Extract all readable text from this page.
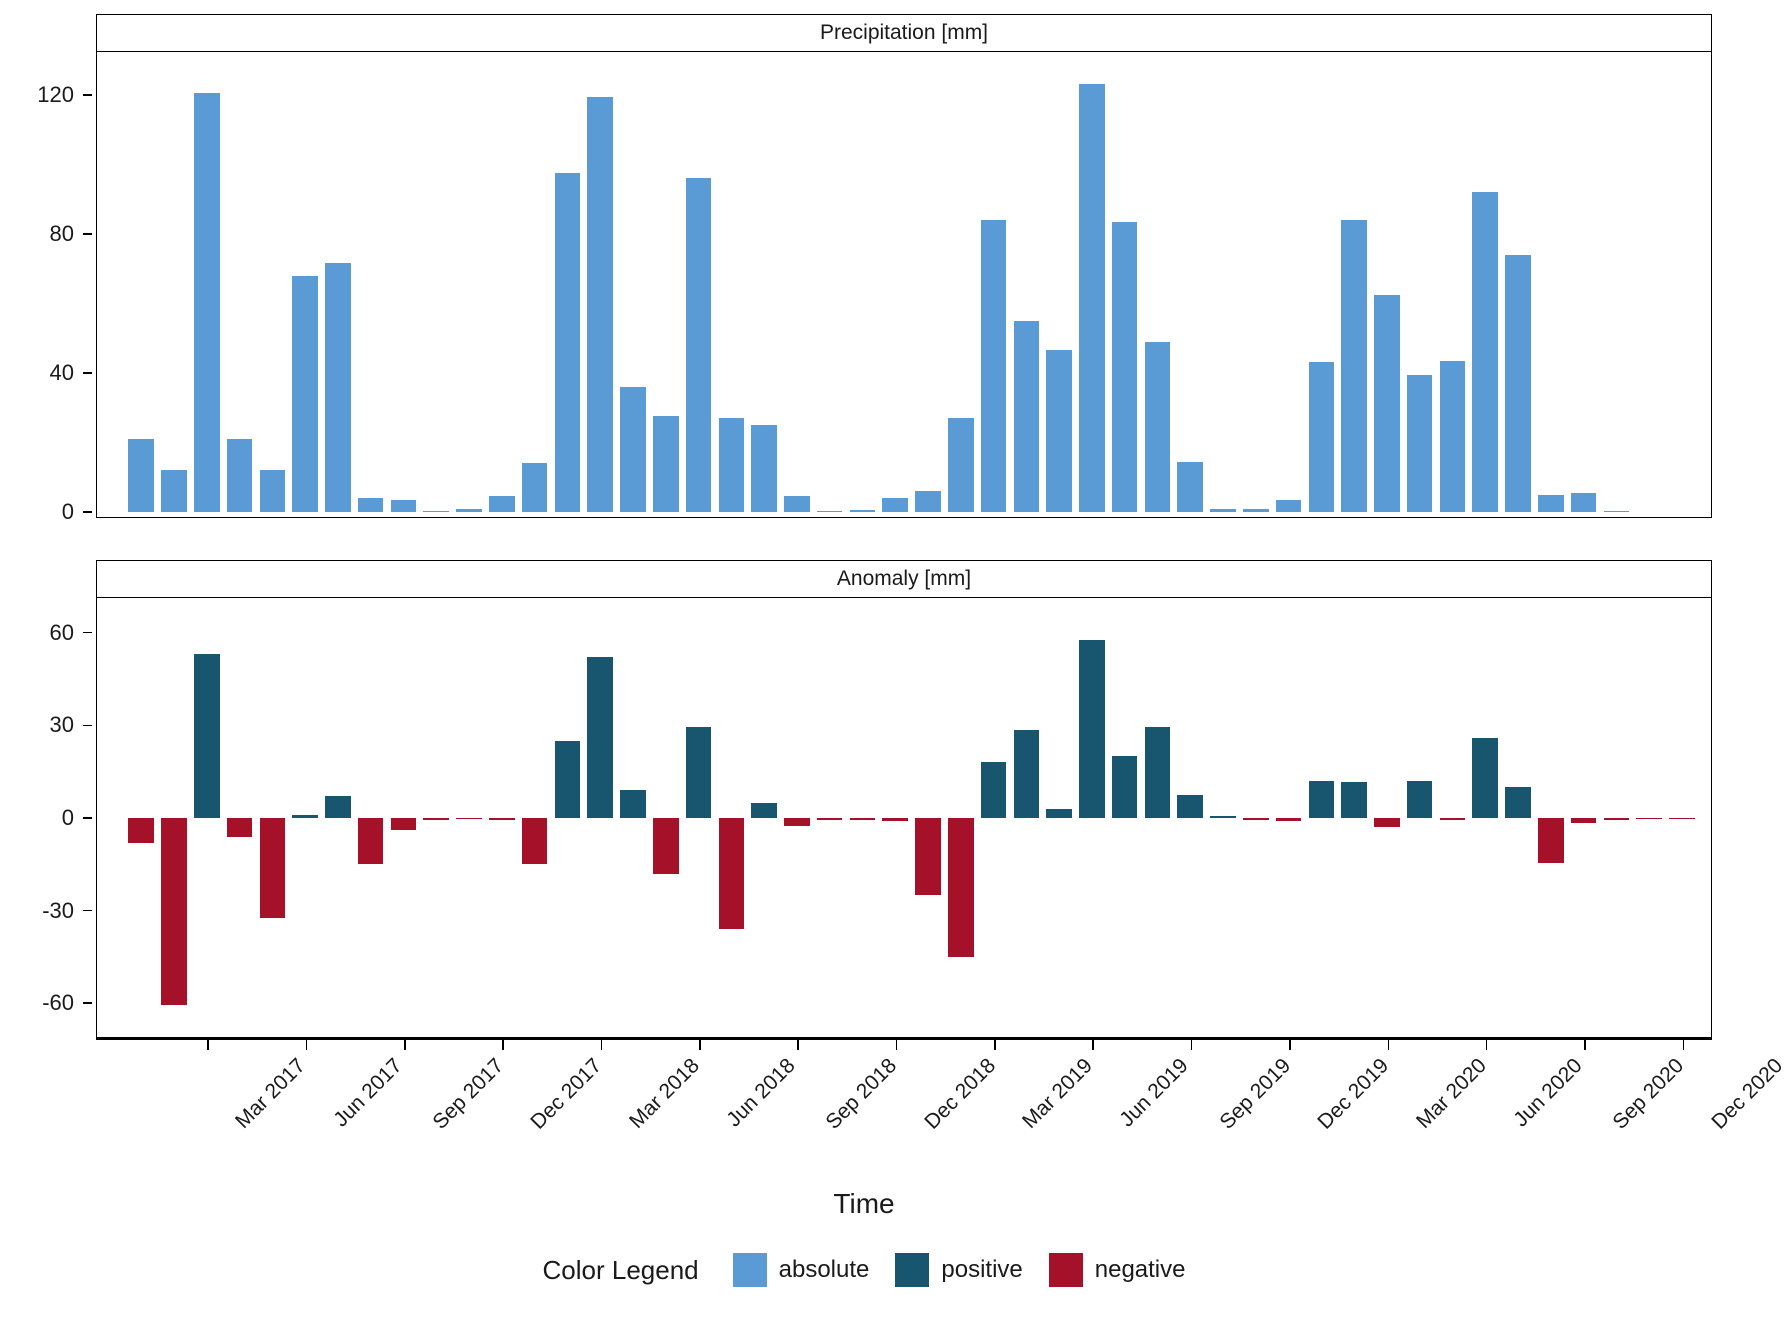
Precipitation [mm]
0
40
80
120
Anomaly [mm]
-60
-30
0
30
60
Mar 2017 Jun 2017 Sep 2017 Dec 2017 Mar 2018 Jun 2018 Sep 2018 Dec 2018 Mar 2019 Jun 2019 Sep 2019 Dec 2019 Mar 2020 Jun 2020 Sep 2020 Dec 2020
Time
Color Legend	absolute	positive	negative
